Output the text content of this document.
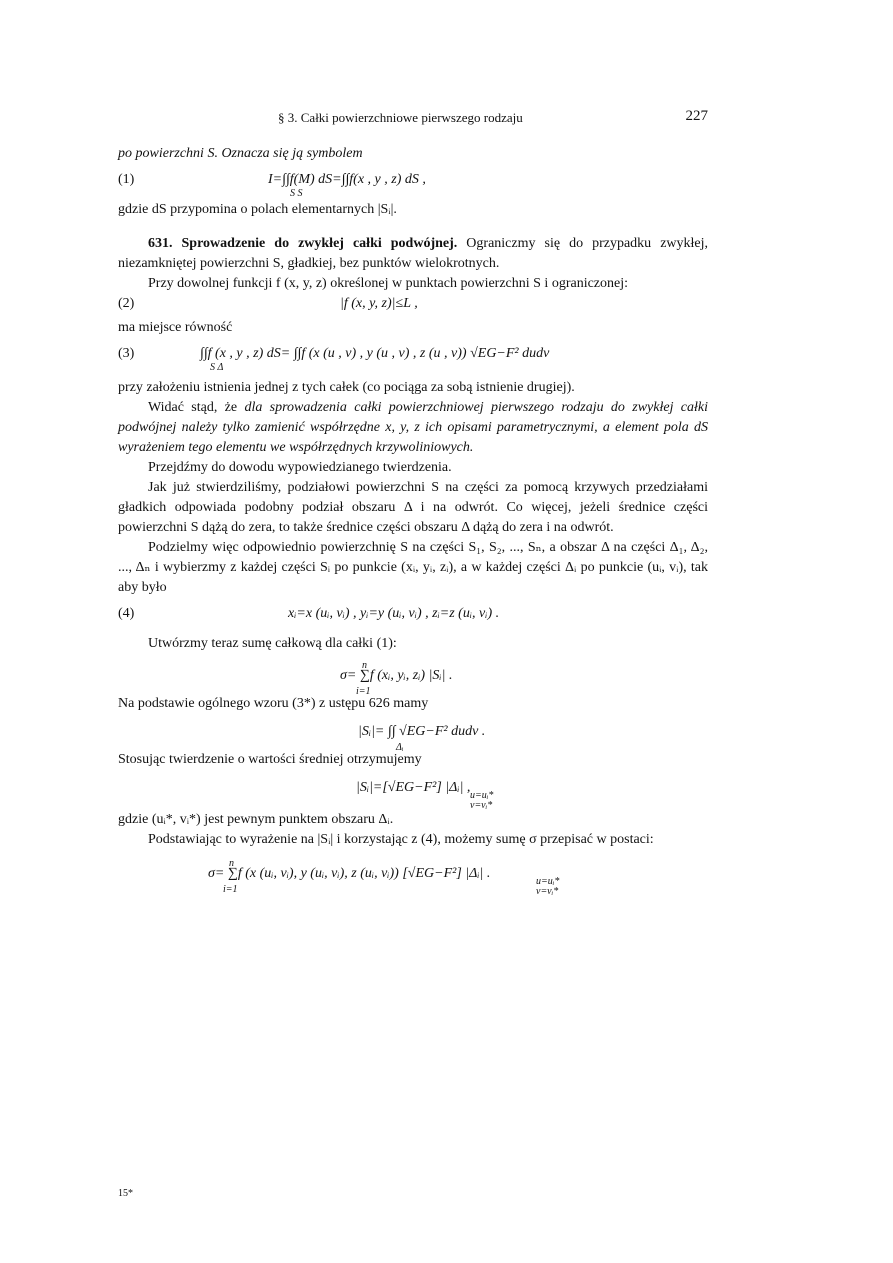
§ 3. Całki powierzchniowe pierwszego rodzaju	227
po powierzchni S. Oznacza się ją symbolem
(1)	I=∫∫f(M) dS=∫∫f(x , y , z) dS ,
S S
gdzie dS przypomina o polach elementarnych |Sᵢ|.

631. Sprowadzenie do zwykłej całki podwójnej. Ograniczmy się do przypadku zwykłej, niezamkniętej powierzchni S, gładkiej, bez punktów wielokrotnych.

Przy dowolnej funkcji f (x, y, z) określonej w punktach powierzchni S i ograniczonej:

(2)	|f (x, y, z)|≤L ,
ma miejsce równość
(3)	∫∫f (x , y , z) dS= ∫∫f (x (u , v) , y (u , v) , z (u , v)) √EG−F² dudv
S Δ

przy założeniu istnienia jednej z tych całek (co pociąga za sobą istnienie drugiej).

Widać stąd, że dla sprowadzenia całki powierzchniowej pierwszego rodzaju do zwykłej całki podwójnej należy tylko zamienić współrzędne x, y, z ich opisami parametrycznymi, a element pola dS wyrażeniem tego elementu we współrzędnych krzywoliniowych.

Przejdźmy do dowodu wypowiedzianego twierdzenia.

Jak już stwierdziliśmy, podziałowi powierzchni S na części za pomocą krzywych przedziałami gładkich odpowiada podobny podział obszaru Δ i na odwrót. Co więcej, jeżeli średnice części powierzchni S dążą do zera, to także średnice części obszaru Δ dążą do zera i na odwrót.

Podzielmy więc odpowiednio powierzchnię S na części S₁, S₂, ..., Sₙ, a obszar Δ na części Δ₁, Δ₂, ..., Δₙ i wybierzmy z każdej części Sᵢ po punkcie (xᵢ, yᵢ, zᵢ), a w każdej części Δᵢ po punkcie (uᵢ, vᵢ), tak aby było

(4)	xᵢ=x (uᵢ, vᵢ) , yᵢ=y (uᵢ, vᵢ) , zᵢ=z (uᵢ, vᵢ) .

Utwórzmy teraz sumę całkową dla całki (1):

n
σ= ∑f (xᵢ, yᵢ, zᵢ) |Sᵢ| .
i=1

Na podstawie ogólnego wzoru (3*) z ustępu 626 mamy

|Sᵢ|= ∫∫ √EG−F² dudv .
Δᵢ

Stosując twierdzenie o wartości średniej otrzymujemy

|Sᵢ|=[√EG−F²] |Δᵢ| ,
u=uᵢ*
v=vᵢ*

gdzie (uᵢ*, vᵢ*) jest pewnym punktem obszaru Δᵢ.

Podstawiając to wyrażenie na |Sᵢ| i korzystając z (4), możemy sumę σ przepisać w postaci:

n
σ= ∑f (x (uᵢ, vᵢ), y (uᵢ, vᵢ), z (uᵢ, vᵢ)) [√EG−F²] |Δᵢ| .
i=1
u=uᵢ*
v=vᵢ*
15*
